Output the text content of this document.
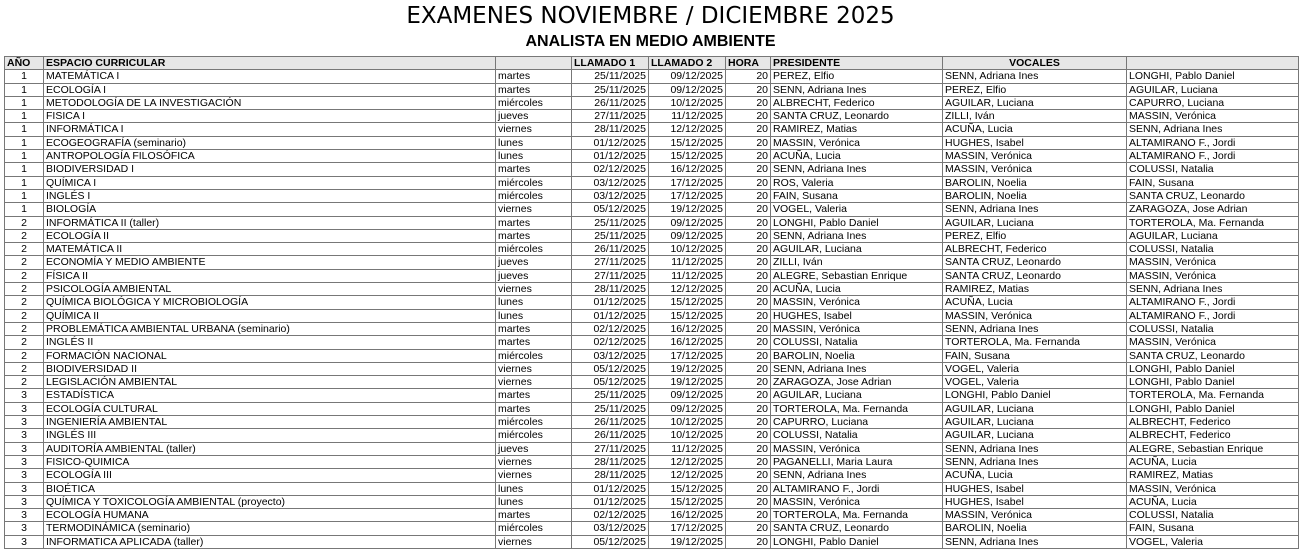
EXAMENES NOVIEMBRE / DICIEMBRE 2025
ANALISTA EN MEDIO AMBIENTE
AÑO	ESPACIO CURRICULAR		LLAMADO 1	LLAMADO 2	HORA	PRESIDENTE	VOCALES	
1	MATEMÁTICA I	martes	25/11/2025	09/12/2025	20	PEREZ, Elfio	SENN, Adriana Ines	LONGHI, Pablo Daniel
1	ECOLOGÍA I	martes	25/11/2025	09/12/2025	20	SENN, Adriana Ines	PEREZ, Elfio	AGUILAR, Luciana
1	METODOLOGÍA DE LA INVESTIGACIÓN	miércoles	26/11/2025	10/12/2025	20	ALBRECHT, Federico	AGUILAR, Luciana	CAPURRO, Luciana
1	FISICA I	jueves	27/11/2025	11/12/2025	20	SANTA CRUZ, Leonardo	ZILLI, Iván	MASSIN, Verónica
1	INFORMÁTICA I	viernes	28/11/2025	12/12/2025	20	RAMIREZ, Matias	ACUÑA, Lucia	SENN, Adriana Ines
1	ECOGEOGRAFÍA (seminario)	lunes	01/12/2025	15/12/2025	20	MASSIN, Verónica	HUGHES, Isabel	ALTAMIRANO F., Jordi
1	ANTROPOLOGÍA FILOSÓFICA	lunes	01/12/2025	15/12/2025	20	ACUÑA, Lucia	MASSIN, Verónica	ALTAMIRANO F., Jordi
1	BIODIVERSIDAD I	martes	02/12/2025	16/12/2025	20	SENN, Adriana Ines	MASSIN, Verónica	COLUSSI, Natalia
1	QUÍMICA I	miércoles	03/12/2025	17/12/2025	20	ROS, Valeria	BAROLIN, Noelia	FAIN, Susana
1	INGLÉS I	miércoles	03/12/2025	17/12/2025	20	FAIN, Susana	BAROLIN, Noelia	SANTA CRUZ, Leonardo
1	BIOLOGÍA	viernes	05/12/2025	19/12/2025	20	VOGEL, Valeria	SENN, Adriana Ines	ZARAGOZA, Jose Adrian
2	INFORMÁTICA II (taller)	martes	25/11/2025	09/12/2025	20	LONGHI, Pablo Daniel	AGUILAR, Luciana	TORTEROLA, Ma. Fernanda
2	ECOLOGÍA II	martes	25/11/2025	09/12/2025	20	SENN, Adriana Ines	PEREZ, Elfio	AGUILAR, Luciana
2	MATEMÁTICA II	miércoles	26/11/2025	10/12/2025	20	AGUILAR, Luciana	ALBRECHT, Federico	COLUSSI, Natalia
2	ECONOMÍA Y MEDIO AMBIENTE	jueves	27/11/2025	11/12/2025	20	ZILLI, Iván	SANTA CRUZ, Leonardo	MASSIN, Verónica
2	FÍSICA II	jueves	27/11/2025	11/12/2025	20	ALEGRE, Sebastian Enrique	SANTA CRUZ, Leonardo	MASSIN, Verónica
2	PSICOLOGÍA AMBIENTAL	viernes	28/11/2025	12/12/2025	20	ACUÑA, Lucia	RAMIREZ, Matias	SENN, Adriana Ines
2	QUÍMICA BIOLÓGICA Y MICROBIOLOGÍA	lunes	01/12/2025	15/12/2025	20	MASSIN, Verónica	ACUÑA, Lucia	ALTAMIRANO F., Jordi
2	QUÍMICA II	lunes	01/12/2025	15/12/2025	20	HUGHES, Isabel	MASSIN, Verónica	ALTAMIRANO F., Jordi
2	PROBLEMÁTICA AMBIENTAL URBANA (seminario)	martes	02/12/2025	16/12/2025	20	MASSIN, Verónica	SENN, Adriana Ines	COLUSSI, Natalia
2	INGLÉS II	martes	02/12/2025	16/12/2025	20	COLUSSI, Natalia	TORTEROLA, Ma. Fernanda	MASSIN, Verónica
2	FORMACIÓN NACIONAL	miércoles	03/12/2025	17/12/2025	20	BAROLIN, Noelia	FAIN, Susana	SANTA CRUZ, Leonardo
2	BIODIVERSIDAD II	viernes	05/12/2025	19/12/2025	20	SENN, Adriana Ines	VOGEL, Valeria	LONGHI, Pablo Daniel
2	LEGISLACIÓN AMBIENTAL	viernes	05/12/2025	19/12/2025	20	ZARAGOZA, Jose Adrian	VOGEL, Valeria	LONGHI, Pablo Daniel
3	ESTADÍSTICA	martes	25/11/2025	09/12/2025	20	AGUILAR, Luciana	LONGHI, Pablo Daniel	TORTEROLA, Ma. Fernanda
3	ECOLOGÍA CULTURAL	martes	25/11/2025	09/12/2025	20	TORTEROLA, Ma. Fernanda	AGUILAR, Luciana	LONGHI, Pablo Daniel
3	INGENIERÍA AMBIENTAL	miércoles	26/11/2025	10/12/2025	20	CAPURRO, Luciana	AGUILAR, Luciana	ALBRECHT, Federico
3	INGLÉS III	miércoles	26/11/2025	10/12/2025	20	COLUSSI, Natalia	AGUILAR, Luciana	ALBRECHT, Federico
3	AUDITORÍA AMBIENTAL (taller)	jueves	27/11/2025	11/12/2025	20	MASSIN, Verónica	SENN, Adriana Ines	ALEGRE, Sebastian Enrique
3	FISICO-QUIMICA	viernes	28/11/2025	12/12/2025	20	PAGANELLI, Maria Laura	SENN, Adriana Ines	ACUÑA, Lucia
3	ECOLOGÍA III	viernes	28/11/2025	12/12/2025	20	SENN, Adriana Ines	ACUÑA, Lucia	RAMIREZ, Matias
3	BIOÉTICA	lunes	01/12/2025	15/12/2025	20	ALTAMIRANO F., Jordi	HUGHES, Isabel	MASSIN, Verónica
3	QUÍMICA Y TOXICOLOGÍA AMBIENTAL (proyecto)	lunes	01/12/2025	15/12/2025	20	MASSIN, Verónica	HUGHES, Isabel	ACUÑA, Lucia
3	ECOLOGÍA HUMANA	martes	02/12/2025	16/12/2025	20	TORTEROLA, Ma. Fernanda	MASSIN, Verónica	COLUSSI, Natalia
3	TERMODINÁMICA (seminario)	miércoles	03/12/2025	17/12/2025	20	SANTA CRUZ, Leonardo	BAROLIN, Noelia	FAIN, Susana
3	INFORMATICA APLICADA (taller)	viernes	05/12/2025	19/12/2025	20	LONGHI, Pablo Daniel	SENN, Adriana Ines	VOGEL, Valeria
